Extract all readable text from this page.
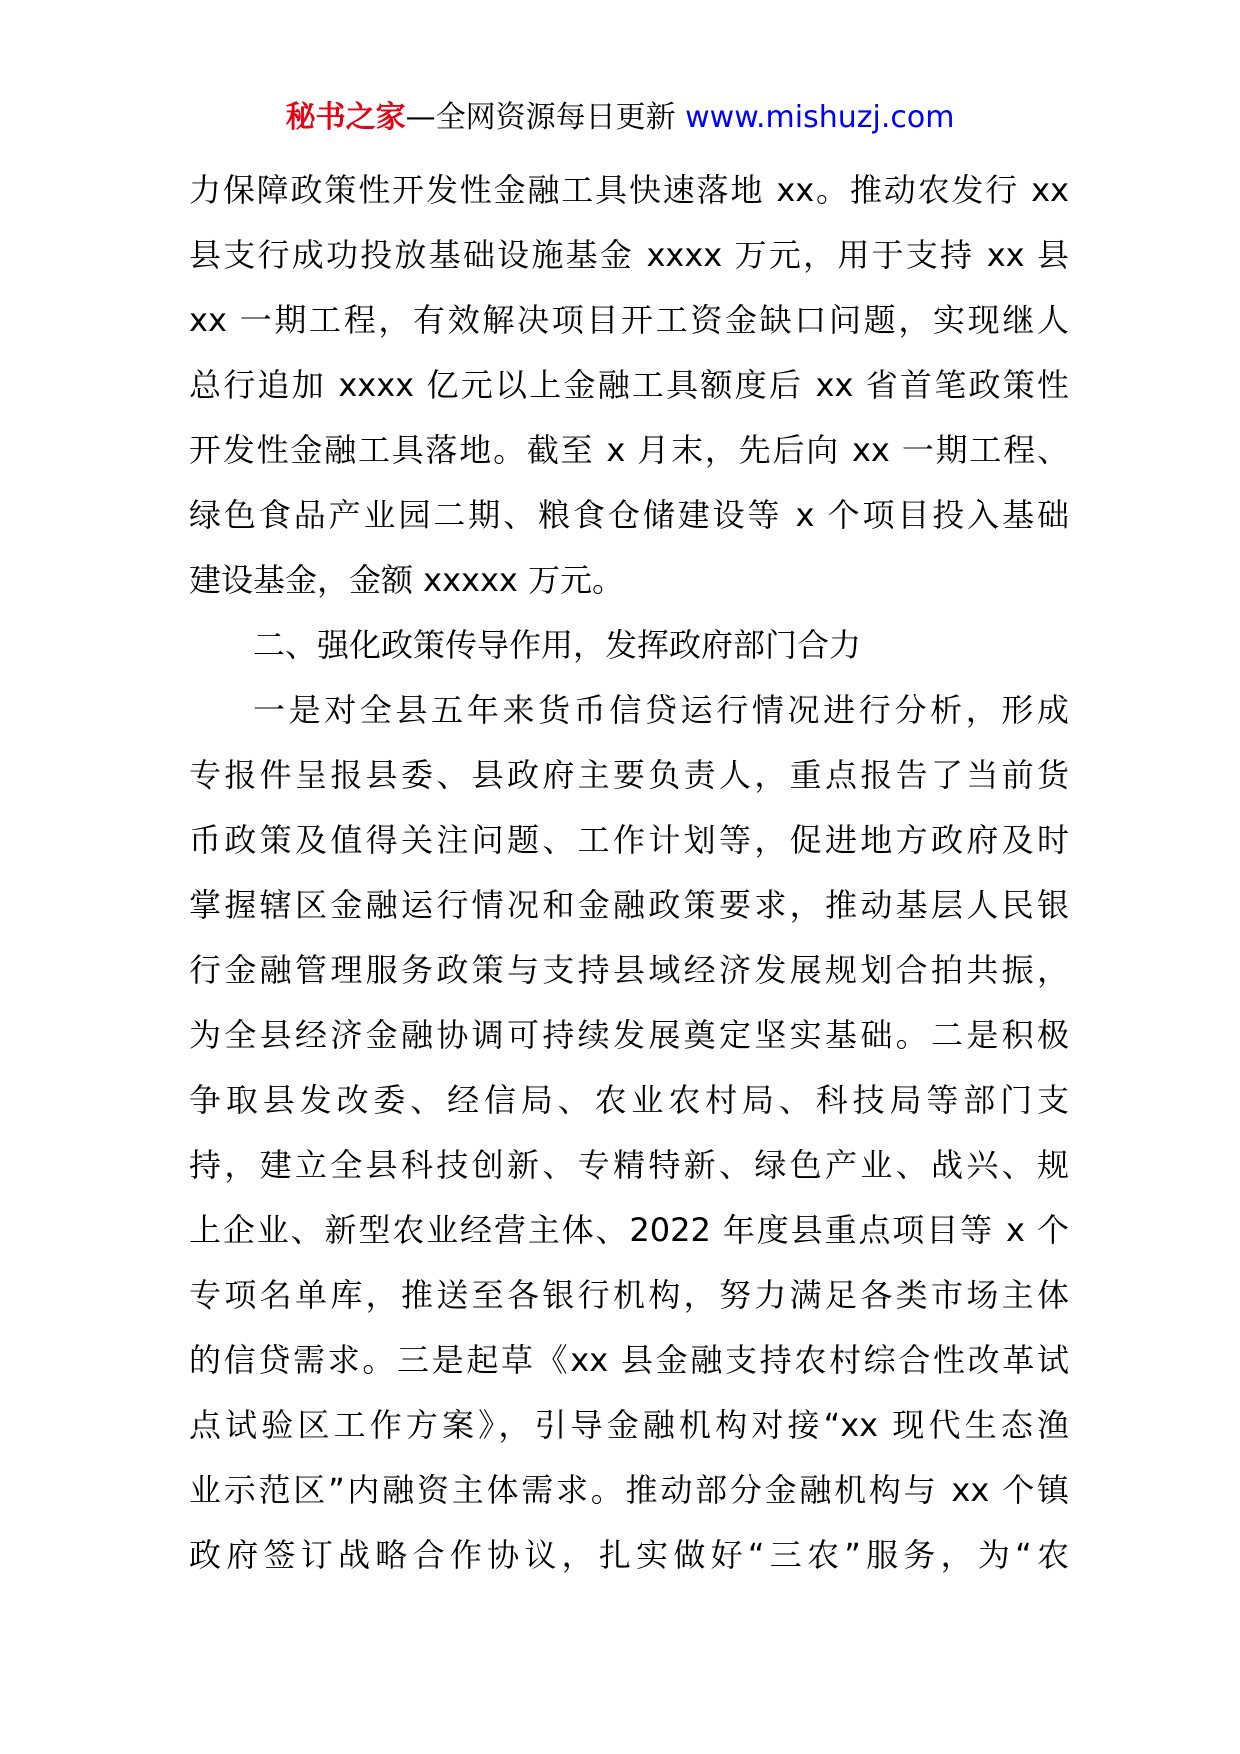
秘书之家—全网资源每日更新 www.mishuzj.com
力保障政策性开发性金融工具快速落地 xx。推动农发行 xx
县支行成功投放基础设施基金 xxxx 万元，用于支持 xx 县
xx 一期工程，有效解决项目开工资金缺口问题，实现继人
总行追加 xxxx 亿元以上金融工具额度后 xx 省首笔政策性
开发性金融工具落地。截至 x 月末，先后向 xx 一期工程、
绿色食品产业园二期、粮食仓储建设等 x 个项目投入基础
建设基金，金额 xxxxx 万元。
二、强化政策传导作用，发挥政府部门合力
一是对全县五年来货币信贷运行情况进行分析，形成
专报件呈报县委、县政府主要负责人，重点报告了当前货
币政策及值得关注问题、工作计划等，促进地方政府及时
掌握辖区金融运行情况和金融政策要求，推动基层人民银
行金融管理服务政策与支持县域经济发展规划合拍共振，
为全县经济金融协调可持续发展奠定坚实基础。二是积极
争取县发改委、经信局、农业农村局、科技局等部门支
持，建立全县科技创新、专精特新、绿色产业、战兴、规
上企业、新型农业经营主体、2022 年度县重点项目等 x 个
专项名单库，推送至各银行机构，努力满足各类市场主体
的信贷需求。三是起草《xx 县金融支持农村综合性改革试
点试验区工作方案》，引导金融机构对接“xx 现代生态渔
业示范区”内融资主体需求。推动部分金融机构与 xx 个镇
政府签订战略合作协议，扎实做好“三农”服务，为“农
